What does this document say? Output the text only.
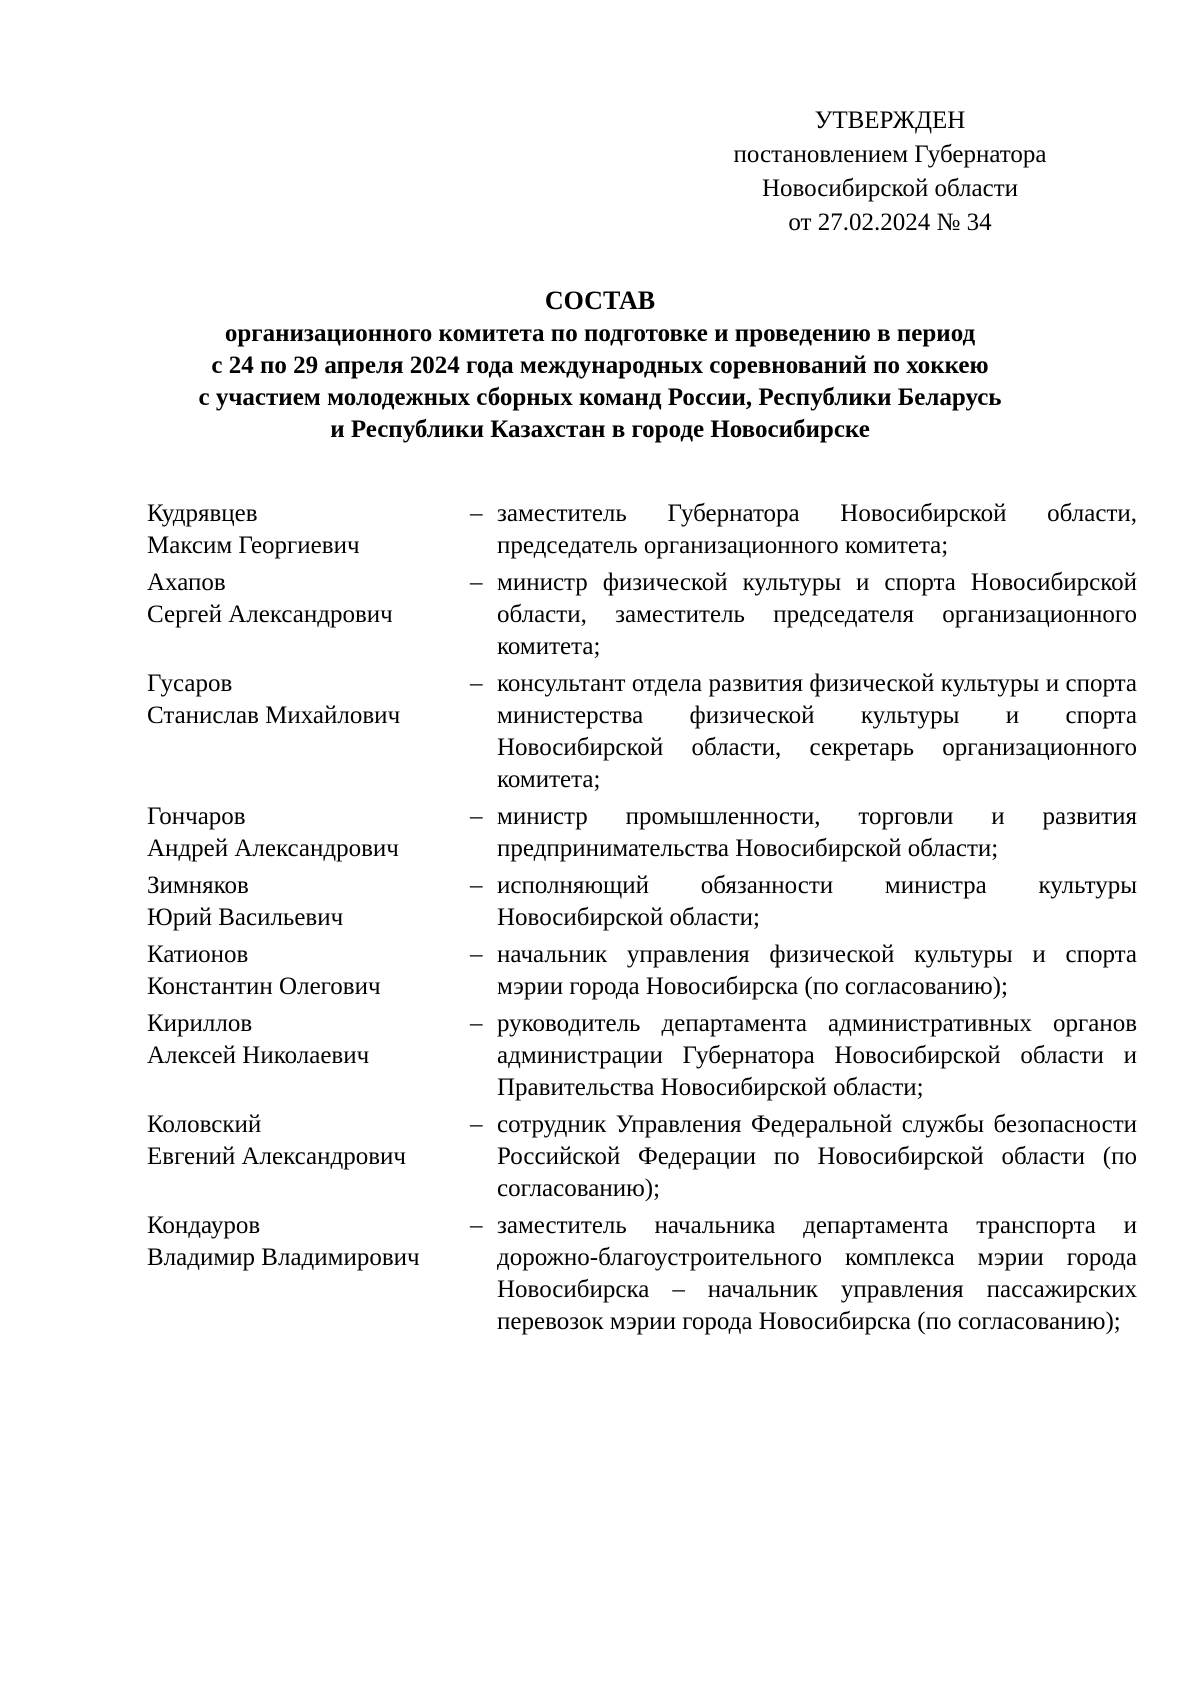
УТВЕРЖДЕН
постановлением Губернатора
Новосибирской области
от 27.02.2024 № 34
СОСТАВ
организационного комитета по подготовке и проведению в период
с 24 по 29 апреля 2024 года международных соревнований по хоккею
с участием молодежных сборных команд России, Республики Беларусь
и Республики Казахстан в городе Новосибирске
Кудрявцев
Максим Георгиевич
– заместитель Губернатора Новосибирской области, председатель организационного комитета;
Ахапов
Сергей Александрович
– министр физической культуры и спорта Новосибирской области, заместитель председателя организационного комитета;
Гусаров
Станислав Михайлович
– консультант отдела развития физической культуры и спорта министерства физической культуры и спорта Новосибирской области, секретарь организационного комитета;
Гончаров
Андрей Александрович
– министр промышленности, торговли и развития предпринимательства Новосибирской области;
Зимняков
Юрий Васильевич
– исполняющий обязанности министра культуры Новосибирской области;
Катионов
Константин Олегович
– начальник управления физической культуры и спорта мэрии города Новосибирска (по согласованию);
Кириллов
Алексей Николаевич
– руководитель департамента административных органов администрации Губернатора Новосибирской области и Правительства Новосибирской области;
Коловский
Евгений Александрович
– сотрудник Управления Федеральной службы безопасности Российской Федерации по Новосибирской области (по согласованию);
Кондауров
Владимир Владимирович
– заместитель начальника департамента транспорта и дорожно-благоустроительного комплекса мэрии города Новосибирска – начальник управления пассажирских перевозок мэрии города Новосибирска (по согласованию);
